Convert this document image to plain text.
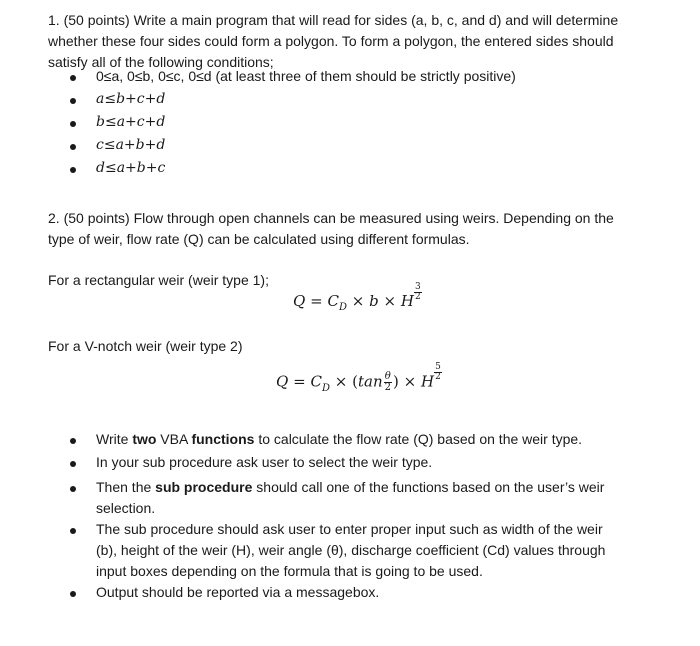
1. (50 points) Write a main program that will read for sides (a, b, c, and d) and will determine
whether these four sides could form a polygon. To form a polygon, the entered sides should
satisfy all of the following conditions;
0≤a, 0≤b, 0≤c, 0≤d (at least three of them should be strictly positive)
a≤b+c+d
b≤a+c+d
c≤a+b+d
d≤a+b+c
2. (50 points) Flow through open channels can be measured using weirs. Depending on the
type of weir, flow rate (Q) can be calculated using different formulas.
For a rectangular weir (weir type 1);
$Q = C_D \times b \times H \frac{3}{2}$
For a V-notch weir (weir type 2)
$Q = C_D \times (\tan \frac{\theta}{2}$ ) × H $\frac{5}{2}$
Write two VBA functions to calculate the flow rate (Q) based on the weir type.
In your sub procedure ask user to select the weir type.
Then the sub procedure should call one of the functions based on the user’s weir
selection.
The sub procedure should ask user to enter proper input such as width of the weir
(b), height of the weir (H), weir angle (θ), discharge coefficient (Cd) values through
input boxes depending on the formula that is going to be used.
Output should be reported via a messagebox.
